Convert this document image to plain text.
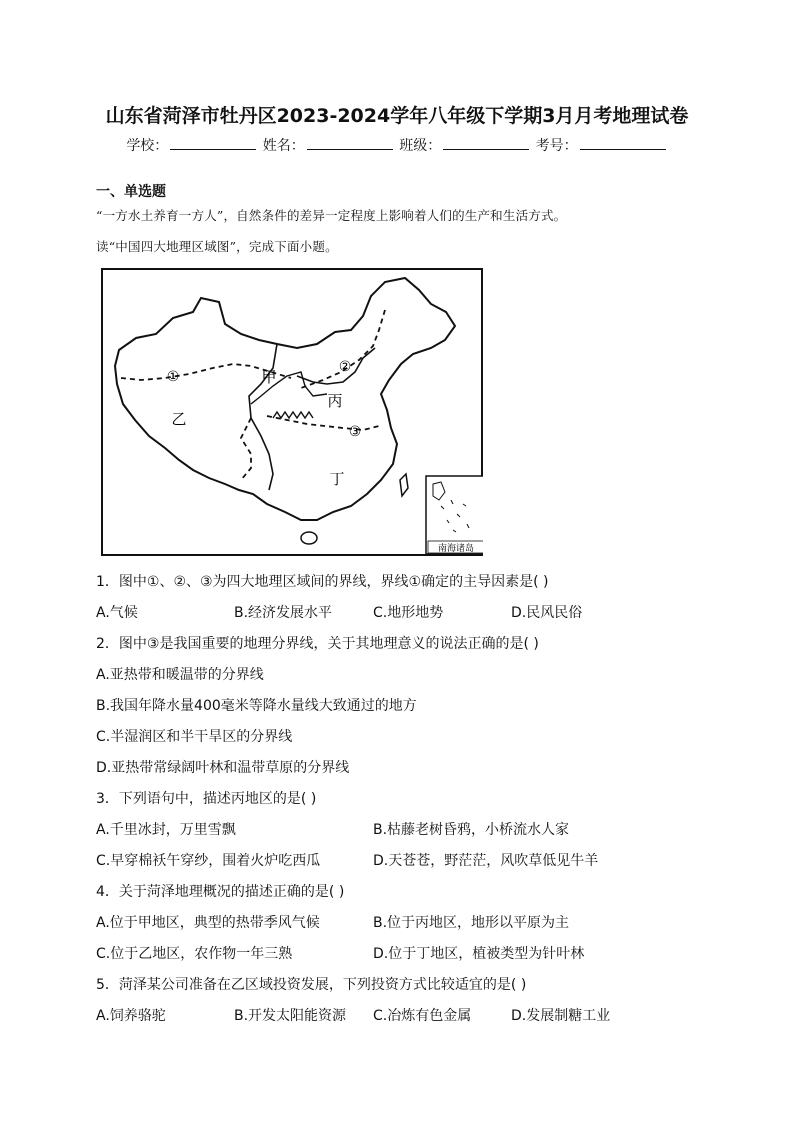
山东省菏泽市牡丹区2023-2024学年八年级下学期3月月考地理试卷
学校：	姓名：	班级：	考号：
一、单选题
“一方水土养育一方人”，自然条件的差异一定程度上影响着人们的生产和生活方式。
读“中国四大地理区域图”，完成下面小题。
①
②
③
甲
乙
丙
丁
南海诸岛
1．图中①、②、③为四大地理区域间的界线，界线①确定的主导因素是( )
A.气候	B.经济发展水平	C.地形地势	D.民风民俗
2．图中③是我国重要的地理分界线，关于其地理意义的说法正确的是( )
A.亚热带和暖温带的分界线
B.我国年降水量400毫米等降水量线大致通过的地方
C.半湿润区和半干旱区的分界线
D.亚热带常绿阔叶林和温带草原的分界线
3．下列语句中，描述丙地区的是( )
A.千里冰封，万里雪飘	B.枯藤老树昏鸦，小桥流水人家
C.早穿棉袄午穿纱，围着火炉吃西瓜	D.天苍苍，野茫茫，风吹草低见牛羊
4．关于菏泽地理概况的描述正确的是( )
A.位于甲地区，典型的热带季风气候	B.位于丙地区，地形以平原为主
C.位于乙地区，农作物一年三熟	D.位于丁地区，植被类型为针叶林
5．菏泽某公司准备在乙区域投资发展，下列投资方式比较适宜的是( )
A.饲养骆驼	B.开发太阳能资源 C.冶炼有色金属	D.发展制糖工业
